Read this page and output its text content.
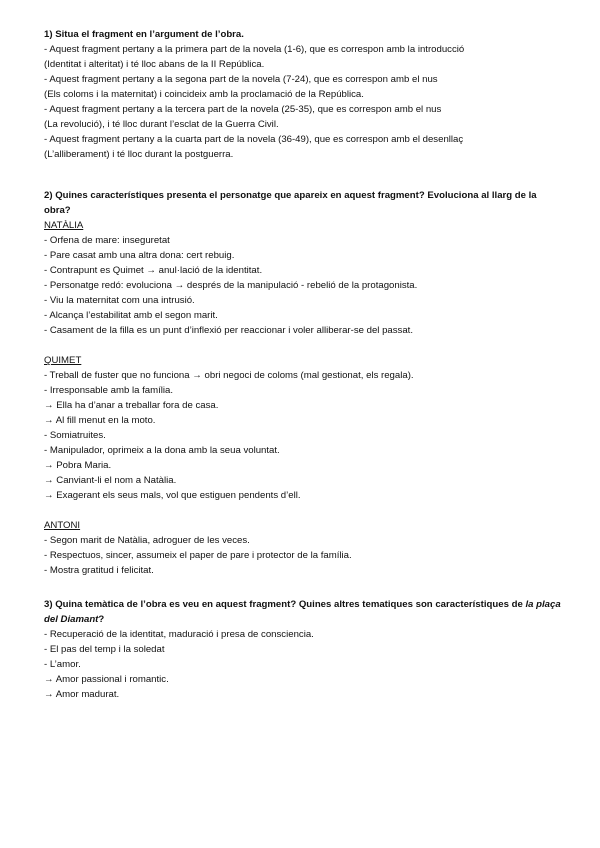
1) Situa el fragment en l’argument de l’obra.

- Aquest fragment pertany a la primera part de la novela (1-6), que es correspon amb la introducció

(Identitat i alteritat) i té lloc abans de la II República.

- Aquest fragment pertany a la segona part de la novela (7-24), que es correspon amb el nus

(Els coloms i la maternitat) i coincideix amb la proclamació de la República.

- Aquest fragment pertany a la tercera part de la novela (25-35), que es correspon amb el nus

(La revolució), i té lloc durant l’esclat de la Guerra Civil.

- Aquest fragment pertany a la cuarta part de la novela (36-49), que es correspon amb el desenllaç

(L’alliberament) i té lloc durant la postguerra.

2) Quines característiques presenta el personatge que apareix en aquest fragment? Evoluciona al llarg de la obra?

NATÀLIA

- Orfena de mare: inseguretat

- Pare casat amb una altra dona: cert rebuig.

- Contrapunt es Quimet → anul·lació de la identitat.

- Personatge redó: evoluciona → després de la manipulació - rebelió de la protagonista.

- Viu la maternitat com una intrusió.

- Alcança l’estabilitat amb el segon marit.

- Casament de la filla es un punt d’inflexió per reaccionar i voler alliberar-se del passat.

QUIMET

- Treball de fuster que no funciona → obri negoci de coloms (mal gestionat, els regala).

- Irresponsable amb la família.

→ Ella ha d’anar a treballar fora de casa.

→ Al fill menut en la moto.

- Somiatruites.

- Manipulador, oprimeix a la dona amb la seua voluntat.

→ Pobra Maria.

→ Canviant-li el nom a Natàlia.

→ Exagerant els seus mals, vol que estiguen pendents d’ell.

ANTONI

- Segon marit de Natàlia, adroguer de les veces.

- Respectuos, sincer, assumeix el paper de pare i protector de la família.

- Mostra gratitud i felicitat.

3) Quina temàtica de l’obra es veu en aquest fragment? Quines altres tematiques son característiques de la plaça del Diamant?

- Recuperació de la identitat, maduració i presa de consciencia.

- El pas del temp i la soledat

- L’amor.

→ Amor passional i romantic.

→ Amor madurat.
